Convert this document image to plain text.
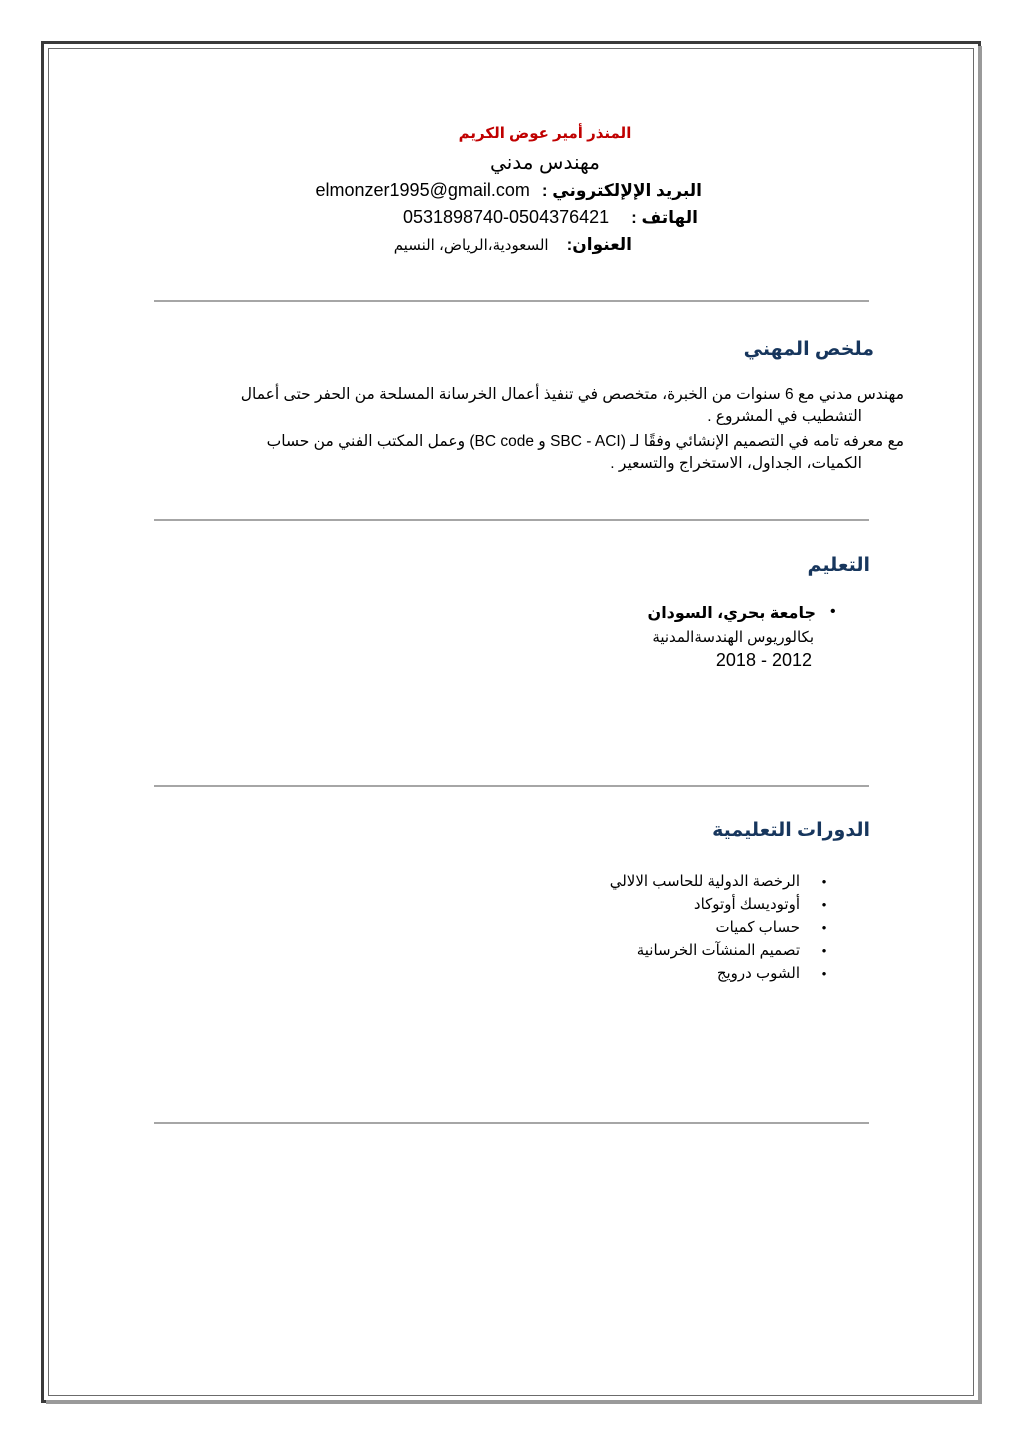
المنذر أمير عوض الكريم
مهندس مدني
البريد الإلإلكتروني :
elmonzer1995@gmail.com
الهاتف :
0531898740-0504376421
العنوان:
السعودية،الرياض، النسيم
ملخص المهني
مهندس مدني مع 6 سنوات من الخبرة، متخصص في تنفيذ أعمال الخرسانة المسلحة من الحفر حتى أعمال
التشطيب في المشروع .
مع معرفه تامه في التصميم الإنشائي وفقًا لـ (SBC - ACI و BC code) وعمل المكتب الفني من حساب
الكميات، الجداول، الاستخراج والتسعير .
التعليم
•
جامعة بحري، السودان
بكالوريوس الهندسةالمدنية
2018 - 2012
الدورات التعليمية
•
الرخصة الدولية للحاسب الالالي
•
أوتوديسك أوتوكاد
•
حساب كميات
•
تصميم المنشآت الخرسانية
•
الشوب درويج
